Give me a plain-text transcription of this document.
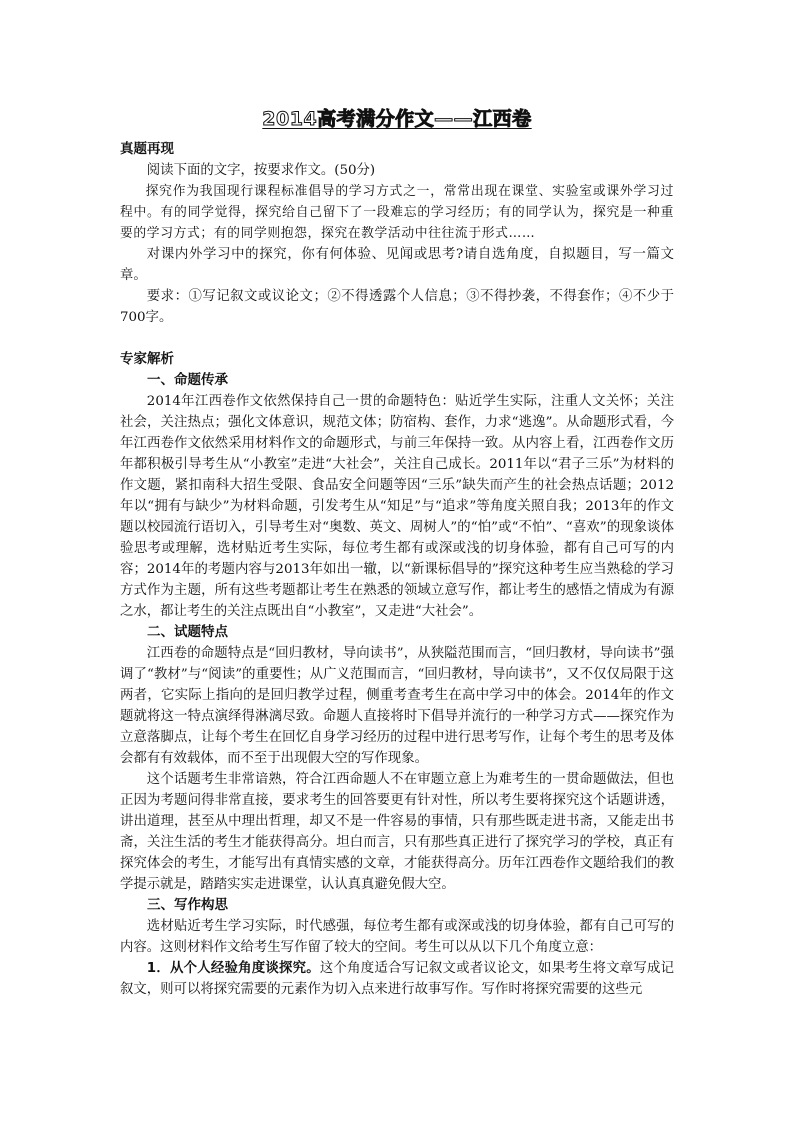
2014高考满分作文——江西卷

真题再现

阅读下面的文字，按要求作文。(50分)

探究作为我国现行课程标准倡导的学习方式之一，常常出现在课堂、实验室或课外学习过程中。有的同学觉得，探究给自己留下了一段难忘的学习经历；有的同学认为，探究是一种重要的学习方式；有的同学则抱怨，探究在教学活动中往往流于形式……

对课内外学习中的探究，你有何体验、见闻或思考?请自选角度，自拟题目，写一篇文章。

要求：①写记叙文或议论文；②不得透露个人信息；③不得抄袭，不得套作；④不少于700字。

专家解析

一、命题传承

2014年江西卷作文依然保持自己一贯的命题特色：贴近学生实际，注重人文关怀；关注社会，关注热点；强化文体意识，规范文体；防宿构、套作，力求“逃逸”。从命题形式看，今年江西卷作文依然采用材料作文的命题形式，与前三年保持一致。从内容上看，江西卷作文历年都积极引导考生从“小教室”走进“大社会”，关注自己成长。2011年以“君子三乐”为材料的作文题，紧扣南科大招生受限、食品安全问题等因“三乐”缺失而产生的社会热点话题；2012年以“拥有与缺少”为材料命题，引发考生从“知足”与“追求”等角度关照自我；2013年的作文题以校园流行语切入，引导考生对“奥数、英文、周树人”的“怕”或“不怕”、“喜欢”的现象谈体验思考或理解，选材贴近考生实际，每位考生都有或深或浅的切身体验，都有自己可写的内容；2014年的考题内容与2013年如出一辙，以“新课标倡导的”探究这种考生应当熟稔的学习方式作为主题，所有这些考题都让考生在熟悉的领域立意写作，都让考生的感悟之情成为有源之水，都让考生的关注点既出自“小教室”，又走进“大社会”。

二、试题特点

江西卷的命题特点是“回归教材，导向读书”，从狭隘范围而言，“回归教材，导向读书”强调了“教材”与“阅读”的重要性；从广义范围而言，“回归教材，导向读书”，又不仅仅局限于这两者，它实际上指向的是回归教学过程，侧重考查考生在高中学习中的体会。2014年的作文题就将这一特点演绎得淋漓尽致。命题人直接将时下倡导并流行的一种学习方式——探究作为立意落脚点，让每个考生在回忆自身学习经历的过程中进行思考写作，让每个考生的思考及体会都有有效载体，而不至于出现假大空的写作现象。

这个话题考生非常谙熟，符合江西命题人不在审题立意上为难考生的一贯命题做法，但也正因为考题问得非常直接，要求考生的回答要更有针对性，所以考生要将探究这个话题讲透，讲出道理，甚至从中理出哲理，却又不是一件容易的事情，只有那些既走进书斋，又能走出书斋，关注生活的考生才能获得高分。坦白而言，只有那些真正进行了探究学习的学校，真正有探究体会的考生，才能写出有真情实感的文章，才能获得高分。历年江西卷作文题给我们的教学提示就是，踏踏实实走进课堂，认认真真避免假大空。

三、写作构思

选材贴近考生学习实际，时代感强，每位考生都有或深或浅的切身体验，都有自己可写的内容。这则材料作文给考生写作留了较大的空间。考生可以从以下几个角度立意：

1．从个人经验角度谈探究。这个角度适合写记叙文或者议论文，如果考生将文章写成记叙文，则可以将探究需要的元素作为切入点来进行故事写作。写作时将探究需要的这些元
